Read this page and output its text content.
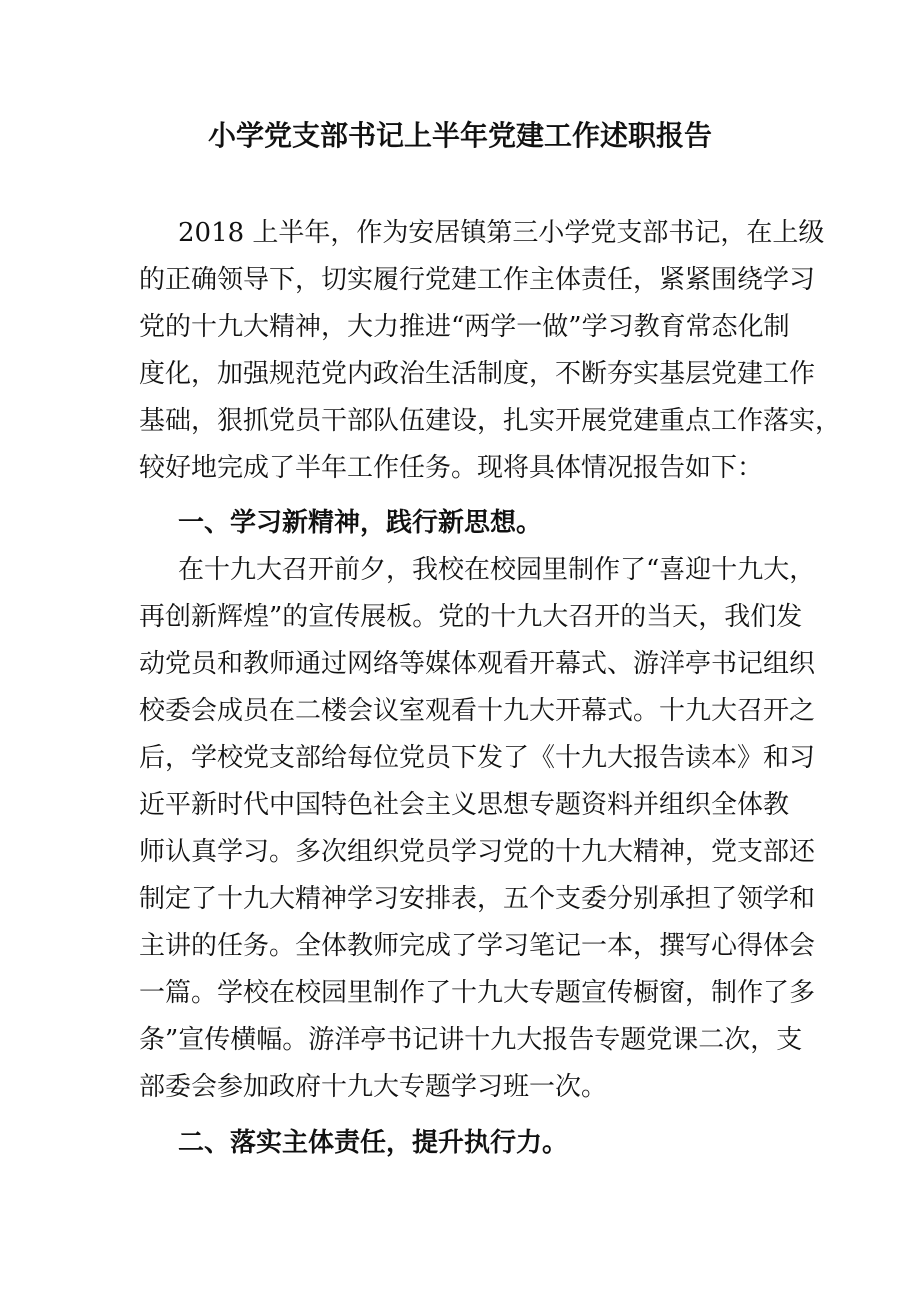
小学党支部书记上半年党建工作述职报告
2018 上半年，作为安居镇第三小学党支部书记，在上级
的正确领导下，切实履行党建工作主体责任，紧紧围绕学习
党的十九大精神，大力推进“两学一做”学习教育常态化制
度化，加强规范党内政治生活制度，不断夯实基层党建工作
基础，狠抓党员干部队伍建设，扎实开展党建重点工作落实，
较好地完成了半年工作任务。现将具体情况报告如下：
一、学习新精神，践行新思想。
在十九大召开前夕，我校在校园里制作了“喜迎十九大，
再创新辉煌”的宣传展板。党的十九大召开的当天，我们发
动党员和教师通过网络等媒体观看开幕式、游洋亭书记组织
校委会成员在二楼会议室观看十九大开幕式。十九大召开之
后，学校党支部给每位党员下发了《十九大报告读本》和习
近平新时代中国特色社会主义思想专题资料并组织全体教
师认真学习。多次组织党员学习党的十九大精神，党支部还
制定了十九大精神学习安排表，五个支委分别承担了领学和
主讲的任务。全体教师完成了学习笔记一本，撰写心得体会
一篇。学校在校园里制作了十九大专题宣传橱窗，制作了多
条”宣传横幅。游洋亭书记讲十九大报告专题党课二次，支
部委会参加政府十九大专题学习班一次。
二、落实主体责任，提升执行力。
